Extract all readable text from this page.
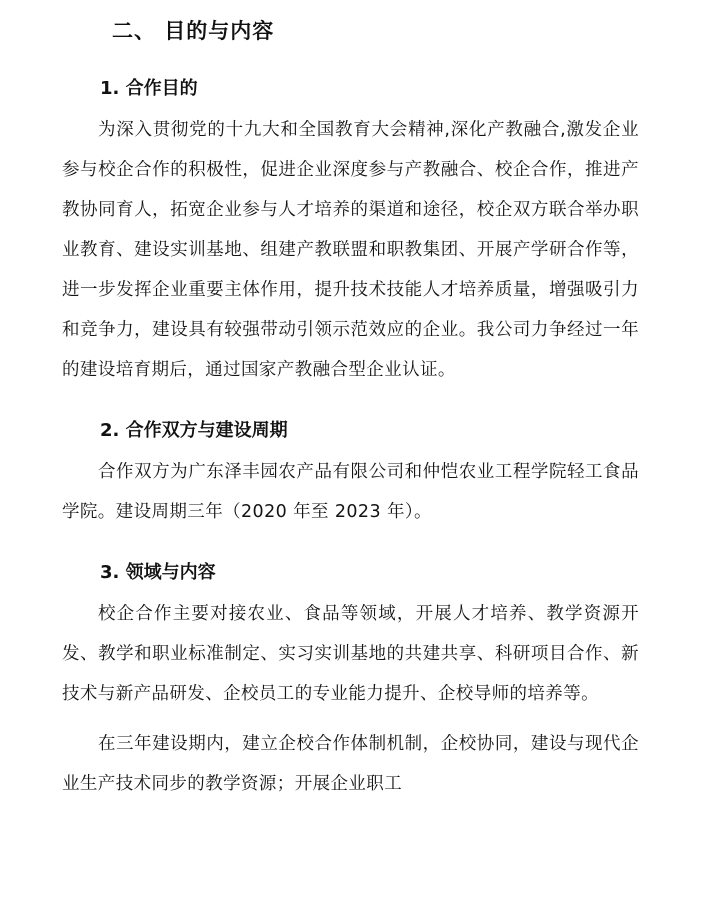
二、 目的与内容
1. 合作目的

为深入贯彻党的十九大和全国教育大会精神,深化产教融合,激发企业参与校企合作的积极性，促进企业深度参与产教融合、校企合作，推进产教协同育人，拓宽企业参与人才培养的渠道和途径，校企双方联合举办职业教育、建设实训基地、组建产教联盟和职教集团、开展产学研合作等，进一步发挥企业重要主体作用，提升技术技能人才培养质量，增强吸引力和竞争力，建设具有较强带动引领示范效应的企业。我公司力争经过一年的建设培育期后，通过国家产教融合型企业认证。

2. 合作双方与建设周期

合作双方为广东泽丰园农产品有限公司和仲恺农业工程学院轻工食品学院。建设周期三年（2020 年至 2023 年）。

3. 领域与内容

校企合作主要对接农业、食品等领域，开展人才培养、教学资源开发、教学和职业标准制定、实习实训基地的共建共享、科研项目合作、新技术与新产品研发、企校员工的专业能力提升、企校导师的培养等。

在三年建设期内，建立企校合作体制机制，企校协同，建设与现代企业生产技术同步的教学资源；开展企业职工
